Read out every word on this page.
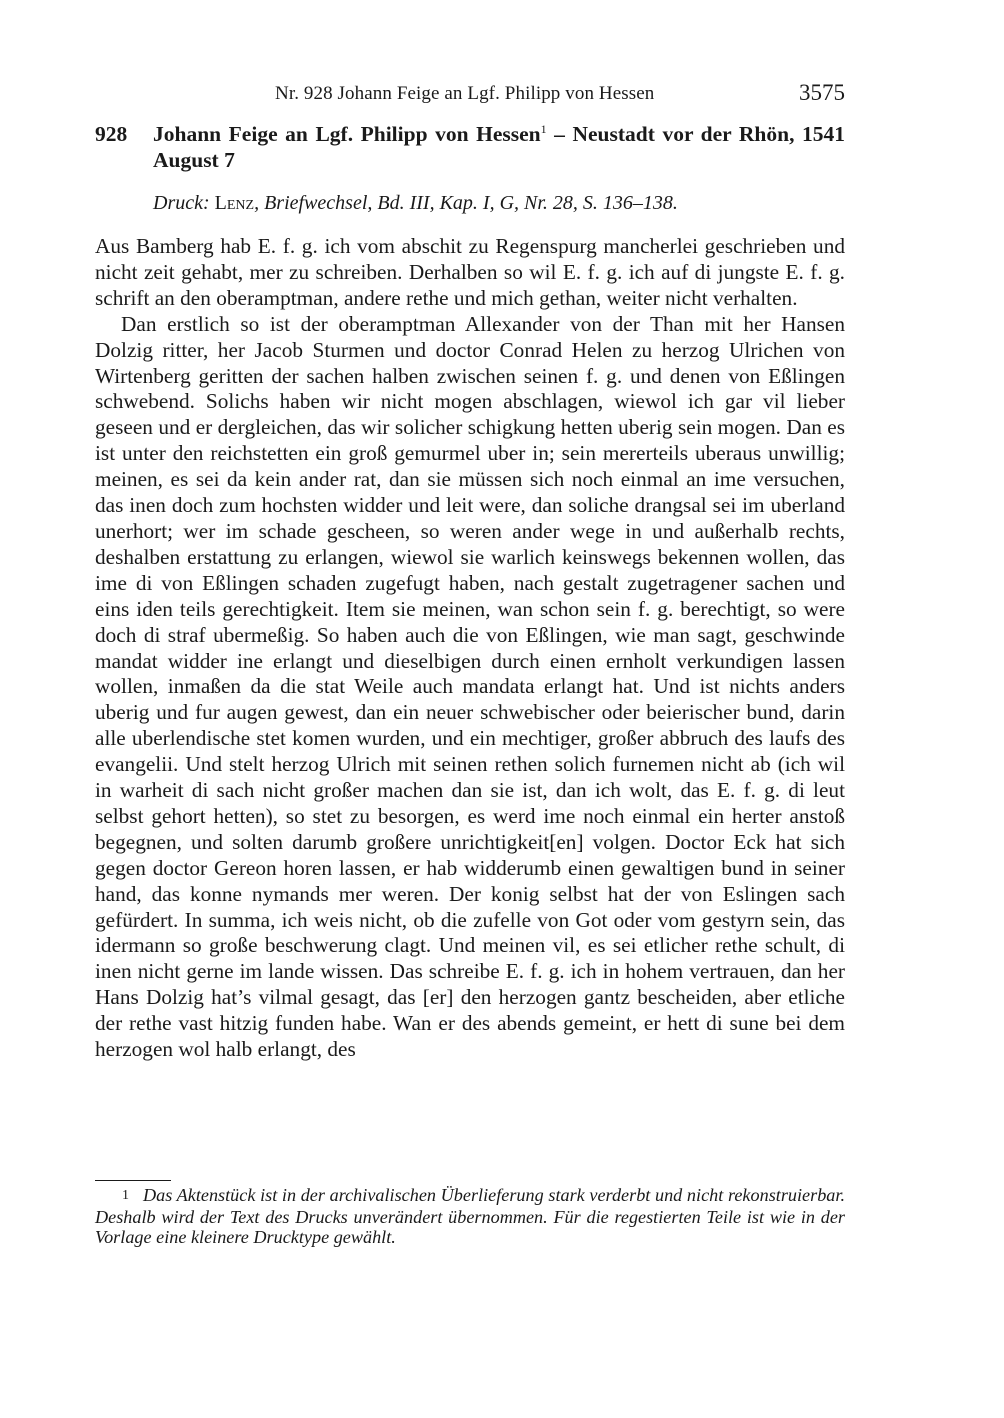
Nr. 928 Johann Feige an Lgf. Philipp von Hessen	3575
928 Johann Feige an Lgf. Philipp von Hessen$^1$ – Neustadt vor der Rhön, 1541 August 7
Druck: Lenz, Briefwechsel, Bd. III, Kap. I, G, Nr. 28, S. 136–138.

Aus Bamberg hab E. f. g. ich vom abschit zu Regenspurg mancherlei geschrieben und nicht zeit gehabt, mer zu schreiben. Derhalben so wil E. f. g. ich auf di jungste E. f. g. schrift an den oberamptman, andere rethe und mich gethan, weiter nicht verhalten.

Dan erstlich so ist der oberamptman Allexander von der Than mit her Hansen Dolzig ritter, her Jacob Sturmen und doctor Conrad Helen zu herzog Ulrichen von Wirtenberg geritten der sachen halben zwischen seinen f. g. und denen von Eßlingen schwebend. Solichs haben wir nicht mogen abschlagen, wiewol ich gar vil lieber geseen und er dergleichen, das wir solicher schigkung hetten uberig sein mogen. Dan es ist unter den reichstetten ein groß gemurmel uber in; sein mererteils uberaus unwillig; meinen, es sei da kein ander rat, dan sie müssen sich noch einmal an ime versuchen, das inen doch zum hochsten widder und leit were, dan soliche drangsal sei im uberland unerhort; wer im schade gescheen, so weren ander wege in und außerhalb rechts, deshalben erstattung zu erlangen, wiewol sie warlich keinswegs bekennen wollen, das ime di von Eßlingen schaden zugefugt haben, nach gestalt zugetragener sachen und eins iden teils gerechtigkeit. Item sie meinen, wan schon sein f. g. berechtigt, so were doch di straf ubermeßig. So haben auch die von Eßlingen, wie man sagt, geschwinde mandat widder ine erlangt und dieselbigen durch einen ernholt verkundigen lassen wollen, inmaßen da die stat Weile auch mandata erlangt hat. Und ist nichts anders uberig und fur augen gewest, dan ein neuer schwebischer oder beierischer bund, darin alle uberlendische stet komen wurden, und ein mechtiger, großer abbruch des laufs des evangelii. Und stelt herzog Ulrich mit seinen rethen solich furnemen nicht ab (ich wil in warheit di sach nicht großer machen dan sie ist, dan ich wolt, das E. f. g. di leut selbst gehort hetten), so stet zu besorgen, es werd ime noch einmal ein herter anstoß begegnen, und solten darumb großere unrichtigkeit[en] volgen. Doctor Eck hat sich gegen doctor Gereon horen lassen, er hab widderumb einen gewaltigen bund in seiner hand, das konne nymands mer weren. Der konig selbst hat der von Eslingen sach gefürdert. In summa, ich weis nicht, ob die zufelle von Got oder vom gestyrn sein, das idermann so große beschwerung clagt. Und meinen vil, es sei etlicher rethe schult, di inen nicht gerne im lande wissen. Das schreibe E. f. g. ich in hohem vertrauen, dan her Hans Dolzig hat’s vilmal gesagt, das [er] den herzogen gantz bescheiden, aber etliche der rethe vast hitzig funden habe. Wan er des abends gemeint, er hett di sune bei dem herzogen wol halb erlangt, des

1 Das Aktenstück ist in der archivalischen Überlieferung stark verderbt und nicht rekonstruierbar. Deshalb wird der Text des Drucks unverändert übernommen. Für die regestierten Teile ist wie in der Vorlage eine kleinere Drucktype gewählt.
